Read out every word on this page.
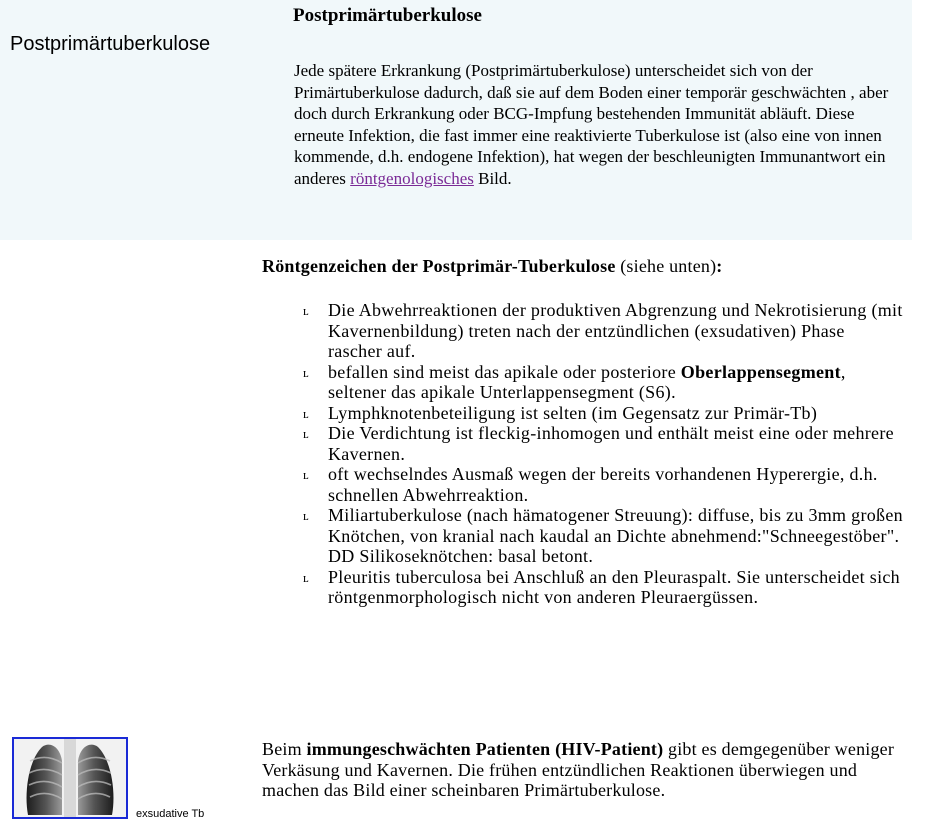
Postprimärtuberkulose
Postprimärtuberkulose
Jede spätere Erkrankung (Postprimärtuberkulose) unterscheidet sich von der Primärtuberkulose dadurch, daß sie auf dem Boden einer temporär geschwächten , aber doch durch Erkrankung oder BCG-Impfung bestehenden Immunität abläuft. Diese erneute Infektion, die fast immer eine reaktivierte Tuberkulose ist (also eine von innen kommende, d.h. endogene Infektion), hat wegen der beschleunigten Immunantwort ein anderes röntgenologisches Bild.
Röntgenzeichen der Postprimär-Tuberkulose (siehe unten):
ʟ Die Abwehrreaktionen der produktiven Abgrenzung und Nekrotisierung (mit Kavernenbildung) treten nach der entzündlichen (exsudativen) Phase rascher auf.
ʟ befallen sind meist das apikale oder posteriore Oberlappensegment, seltener das apikale Unterlappensegment (S6).
ʟ Lymphknotenbeteiligung ist selten (im Gegensatz zur Primär-Tb)
ʟ Die Verdichtung ist fleckig-inhomogen und enthält meist eine oder mehrere Kavernen.
ʟ oft wechselndes Ausmaß wegen der bereits vorhandenen Hyperergie, d.h. schnellen Abwehrreaktion.
ʟ Miliartuberkulose (nach hämatogener Streuung): diffuse, bis zu 3mm großen Knötchen, von kranial nach kaudal an Dichte abnehmend:"Schneegestöber". DD Silikoseknötchen: basal betont.
ʟ Pleuritis tuberculosa bei Anschluß an den Pleuraspalt. Sie unterscheidet sich röntgenmorphologisch nicht von anderen Pleuraergüssen.
exsudative Tb
Beim immungeschwächten Patienten (HIV-Patient) gibt es demgegenüber weniger Verkäsung und Kavernen. Die frühen entzündlichen Reaktionen überwiegen und machen das Bild einer scheinbaren Primärtuberkulose.
